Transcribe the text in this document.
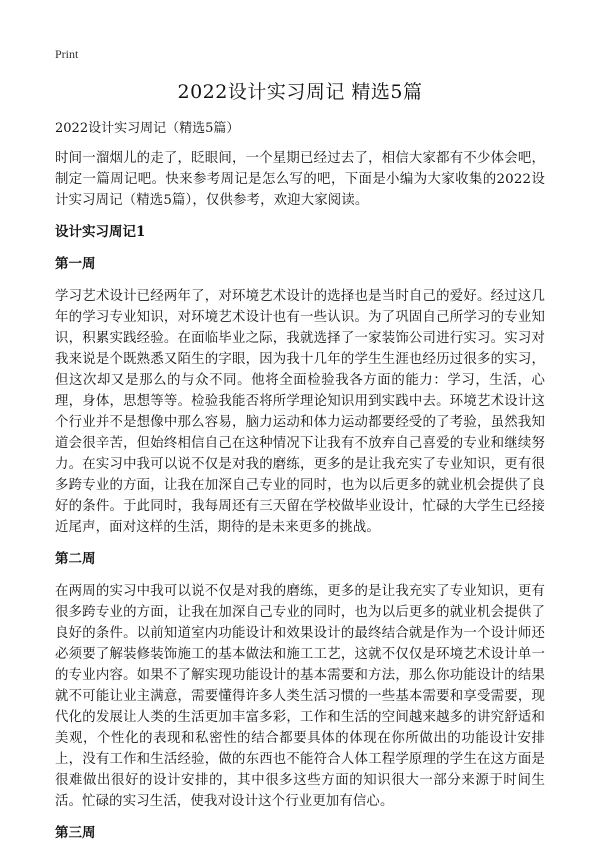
Print
2022设计实习周记 精选5篇
2022设计实习周记（精选5篇）
时间一溜烟儿的走了，眨眼间，一个星期已经过去了，相信大家都有不少体会吧，制定一篇周记吧。快来参考周记是怎么写的吧，下面是小编为大家收集的2022设计实习周记（精选5篇），仅供参考，欢迎大家阅读。
设计实习周记1
第一周
学习艺术设计已经两年了，对环境艺术设计的选择也是当时自己的爱好。经过这几年的学习专业知识，对环境艺术设计也有一些认识。为了巩固自己所学习的专业知识，积累实践经验。在面临毕业之际，我就选择了一家装饰公司进行实习。实习对我来说是个既熟悉又陌生的字眼，因为我十几年的学生生涯也经历过很多的实习，但这次却又是那么的与众不同。他将全面检验我各方面的能力：学习，生活，心理，身体，思想等等。检验我能否将所学理论知识用到实践中去。环境艺术设计这个行业并不是想像中那么容易，脑力运动和体力运动都要经受的了考验，虽然我知道会很辛苦，但始终相信自己在这种情况下让我有不放弃自己喜爱的专业和继续努力。在实习中我可以说不仅是对我的磨练，更多的是让我充实了专业知识，更有很多跨专业的方面，让我在加深自己专业的同时，也为以后更多的就业机会提供了良好的条件。于此同时，我每周还有三天留在学校做毕业设计，忙碌的大学生已经接近尾声，面对这样的生活，期待的是未来更多的挑战。
第二周
在两周的实习中我可以说不仅是对我的磨练，更多的是让我充实了专业知识，更有很多跨专业的方面，让我在加深自己专业的同时，也为以后更多的就业机会提供了良好的条件。以前知道室内功能设计和效果设计的最终结合就是作为一个设计师还必须要了解装修装饰施工的基本做法和施工工艺，这就不仅仅是环境艺术设计单一的专业内容。如果不了解实现功能设计的基本需要和方法，那么你功能设计的结果就不可能让业主满意，需要懂得许多人类生活习惯的一些基本需要和享受需要，现代化的发展让人类的生活更加丰富多彩，工作和生活的空间越来越多的讲究舒适和美观，个性化的表现和私密性的结合都要具体的体现在你所做出的功能设计安排上，没有工作和生活经验，做的东西也不能符合人体工程学原理的学生在这方面是很难做出很好的设计安排的，其中很多这些方面的知识很大一部分来源于时间生活。忙碌的实习生活，使我对设计这个行业更加有信心。
第三周
